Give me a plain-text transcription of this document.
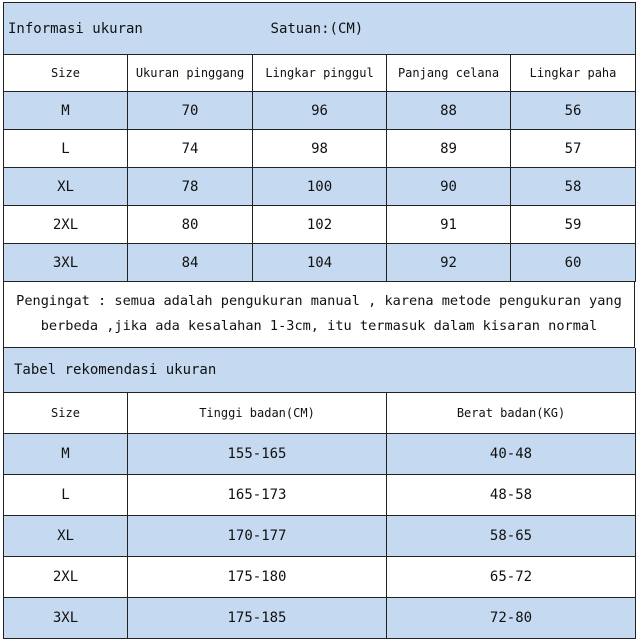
Informasi ukuran		Satuan:(CM)		
Size	Ukuran pinggang	Lingkar pinggul	Panjang celana	Lingkar paha
M	70	96	88	56
L	74	98	89	57
XL	78	100	90	58
2XL	80	102	91	59
3XL	84	104	92	60
Pengingat : semua adalah pengukuran manual , karena metode pengukuran yang
berbeda ,jika ada kesalahan 1-3cm, itu termasuk dalam kisaran normal
Tabel rekomendasi ukuran		
Size	Tinggi badan(CM)	Berat badan(KG)
M	155-165	40-48
L	165-173	48-58
XL	170-177	58-65
2XL	175-180	65-72
3XL	175-185	72-80
